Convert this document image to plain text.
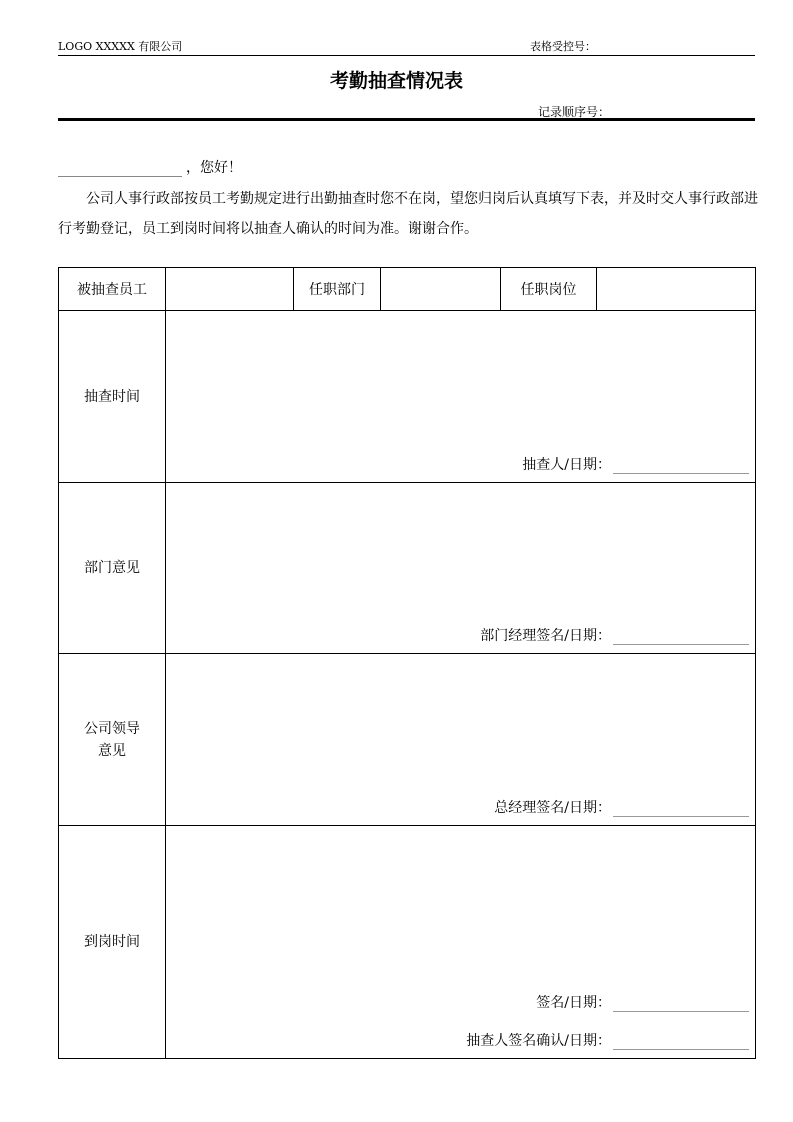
LOGO XXXXX 有限公司	表格受控号：
考勤抽查情况表
记录顺序号：
，您好！

公司人事行政部按员工考勤规定进行出勤抽查时您不在岗，望您归岗后认真填写下表，并及时交人事行政部进行考勤登记，员工到岗时间将以抽查人确认的时间为准。谢谢合作。

被抽查员工		任职部门		任职岗位	
抽查时间	抽查人/日期：				

部门意见	部门经理签名/日期：				

公司领导
意见	总经理签名/日期：				

到岗时间	签名/日期：
抽查人签名确认/日期：				
